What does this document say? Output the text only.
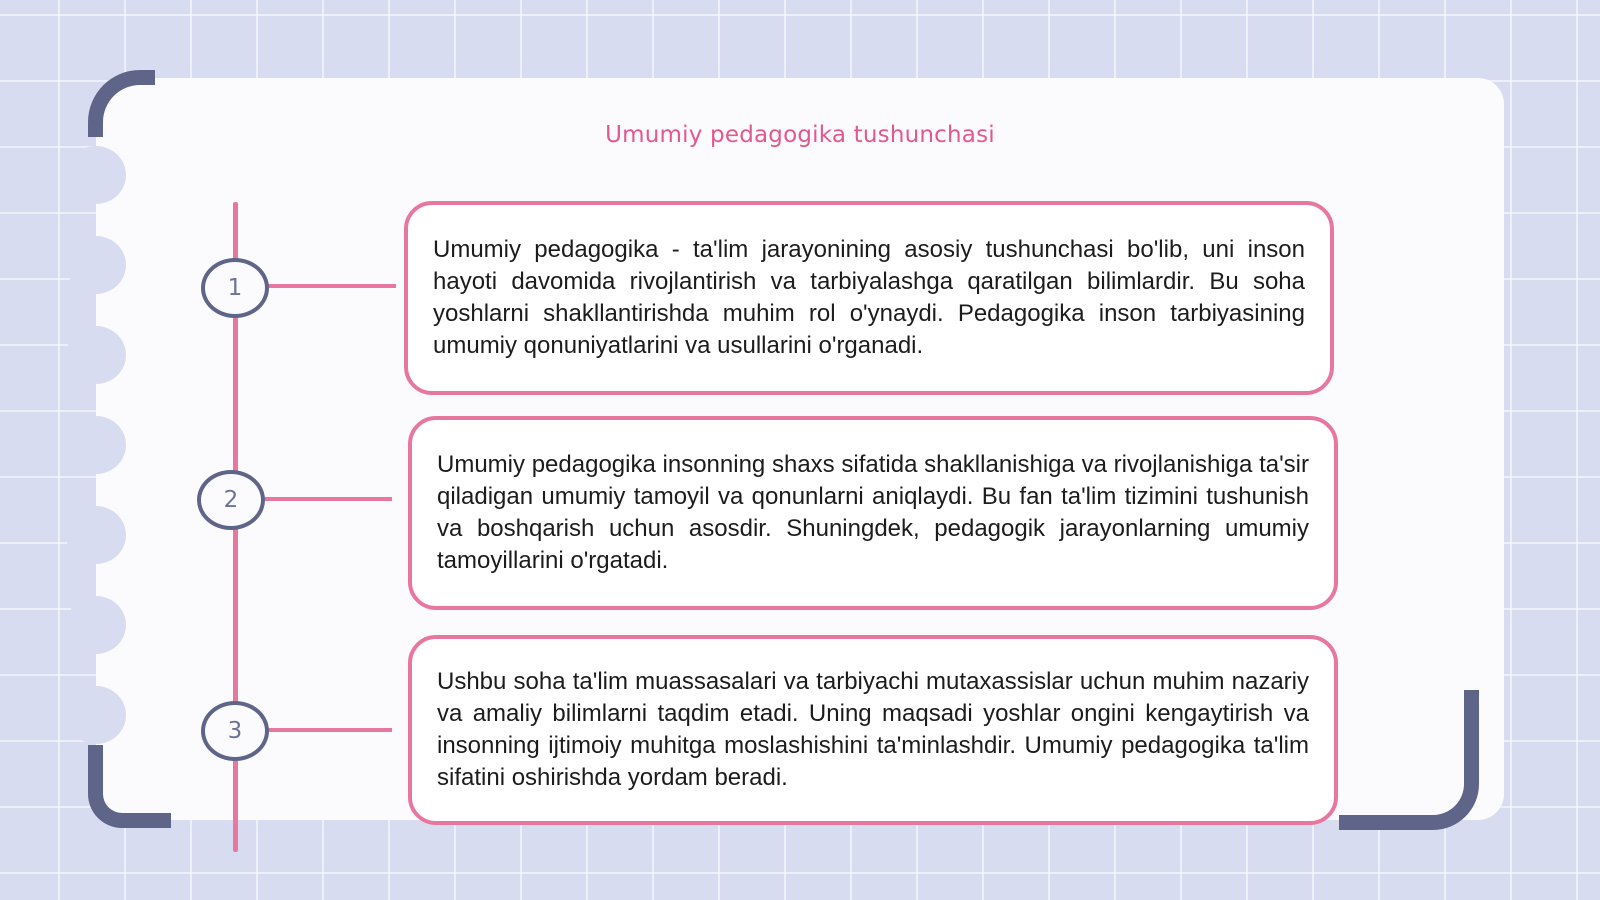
Umumiy pedagogika tushunchasi
1

Umumiy pedagogika - ta'lim jarayonining asosiy tushunchasi bo'lib, uni inson hayoti davomida rivojlantirish va tarbiyalashga qaratilgan bilimlardir. Bu soha yoshlarni shakllantirishda muhim rol o'ynaydi. Pedagogika inson tarbiyasining umumiy qonuniyatlarini va usullarini o'rganadi.

2

Umumiy pedagogika insonning shaxs sifatida shakllanishiga va rivojlanishiga ta'sir qiladigan umumiy tamoyil va qonunlarni aniqlaydi. Bu fan ta'lim tizimini tushunish va boshqarish uchun asosdir. Shuningdek, pedagogik jarayonlarning umumiy tamoyillarini o'rgatadi.

3

Ushbu soha ta'lim muassasalari va tarbiyachi mutaxassislar uchun muhim nazariy va amaliy bilimlarni taqdim etadi. Uning maqsadi yoshlar ongini kengaytirish va insonning ijtimoiy muhitga moslashishini ta'minlashdir. Umumiy pedagogika ta'lim sifatini oshirishda yordam beradi.
